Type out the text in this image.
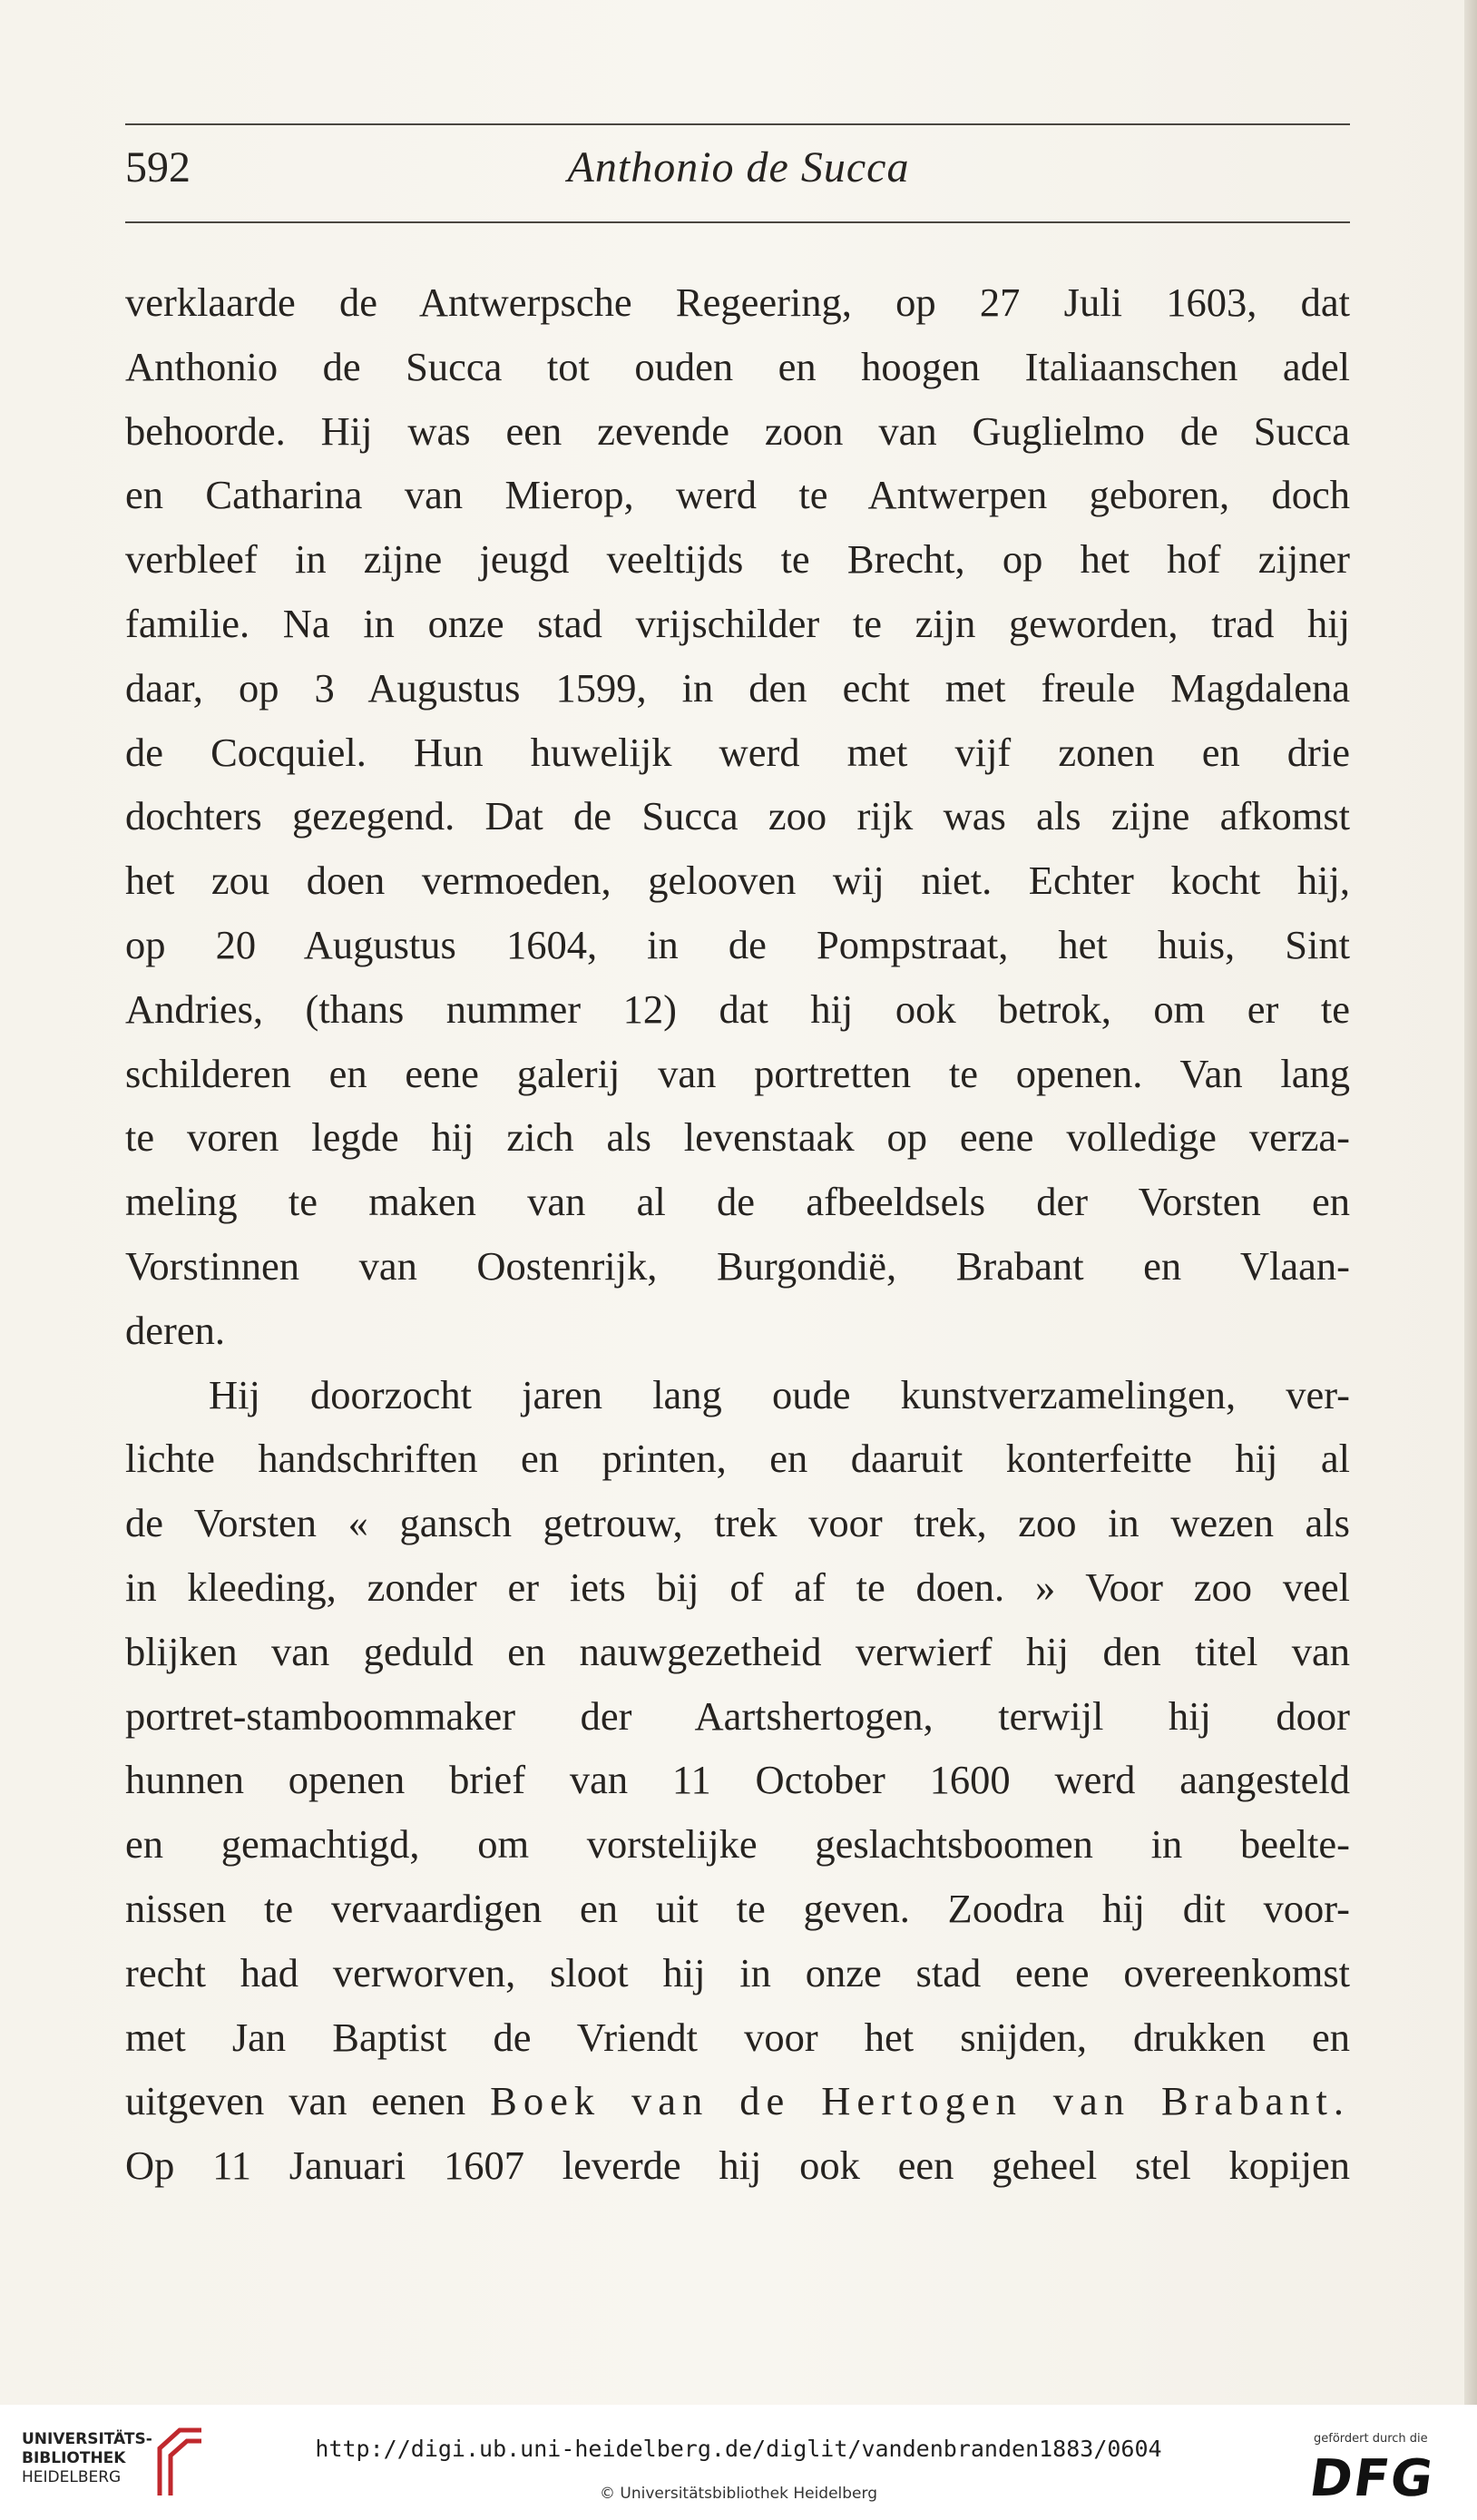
592	Anthonio de Succa
verklaarde de Antwerpsche Regeering, op 27 Juli 1603, dat
Anthonio de Succa tot ouden en hoogen Italiaanschen adel
behoorde. Hij was een zevende zoon van Guglielmo de Succa
en Catharina van Mierop, werd te Antwerpen geboren, doch
verbleef in zijne jeugd veeltijds te Brecht, op het hof zijner
familie. Na in onze stad vrijschilder te zijn geworden, trad hij
daar, op 3 Augustus 1599, in den echt met freule Magdalena
de Cocquiel. Hun huwelijk werd met vijf zonen en drie
dochters gezegend. Dat de Succa zoo rijk was als zijne afkomst
het zou doen vermoeden, gelooven wij niet. Echter kocht hij,
op 20 Augustus 1604, in de Pompstraat, het huis, Sint
Andries, (thans nummer 12) dat hij ook betrok, om er te
schilderen en eene galerij van portretten te openen. Van lang
te voren legde hij zich als levenstaak op eene volledige verza-
meling te maken van al de afbeeldsels der Vorsten en
Vorstinnen van Oostenrijk, Burgondië, Brabant en Vlaan-
deren.
Hij doorzocht jaren lang oude kunstverzamelingen, ver-
lichte handschriften en printen, en daaruit konterfeitte hij al
de Vorsten « gansch getrouw, trek voor trek, zoo in wezen als
in kleeding, zonder er iets bij of af te doen. » Voor zoo veel
blijken van geduld en nauwgezetheid verwierf hij den titel van
portret-stamboommaker der Aartshertogen, terwijl hij door
hunnen openen brief van 11 October 1600 werd aangesteld
en gemachtigd, om vorstelijke geslachtsboomen in beelte-
nissen te vervaardigen en uit te geven. Zoodra hij dit voor-
recht had verworven, sloot hij in onze stad eene overeenkomst
met Jan Baptist de Vriendt voor het snijden, drukken en
uitgeven van eenen Boek van de Hertogen van Brabant.
Op 11 Januari 1607 leverde hij ook een geheel stel kopijen
UNIVERSITÄTS-
BIBLIOTHEK
HEIDELBERG
http://digi.ub.uni-heidelberg.de/diglit/vandenbranden1883/0604
© Universitätsbibliothek Heidelberg
gefördert durch die
DFG
